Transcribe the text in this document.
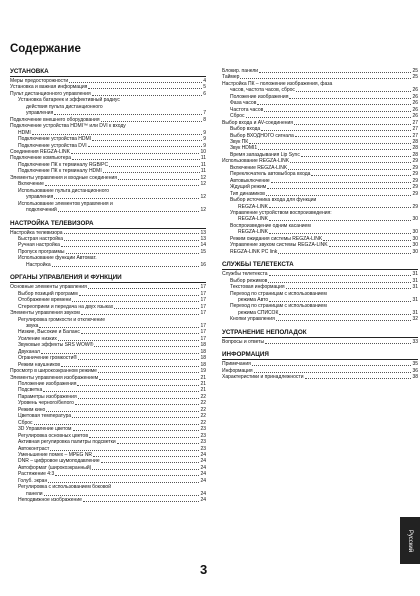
Содержание
УСТАНОВКА
Меры предосторожности	4
Установка и важная информация	5
Пульт дистанционного управления	6
Установка батареек и эффективный радиус
действия пульта дистанционного
управления	7
Подключение внешнего оборудования	8
Подключение устройства HDMI™ или DVI к входу
HDMI	9
Подключение устройства HDMI	9
Подключение устройства DVI	9
Соединения REGZA-LINK	10
Подключение компьютера	11
Подключение ПК к терминалу RGB/PC	11
Подключение ПК к терминалу HDMI	11
Элементы управления и входные соединения	12
Включение	12
Использование пульта дистанционного
управления	12
Использование элементов управления и
подключений	12
НАСТРОЙКА ТЕЛЕВИЗОРА
Настройка телевизора	13
Быстрая настройка	13
Ручная настройка	14
Пропуск программы	15
Использование функции Автомат.
Настройка	16
ОРГАНЫ УПРАВЛЕНИЯ И ФУНКЦИИ
Основные элементы управления	17
Выбор позиций программ	17
Отображение времени	17
Стереоприем и передача на двух языках	17
Элементы управления звуком	17
Регулировка громкости и отключение
звука	17
Низкие, Высокие и Баланс	17
Усиление низких	17
Звуковые эффекты SRS WOW®	18
Двуканал	18
Ограничение громкости®	18
Режим наушников	18
Просмотр в широкоэкранном режиме	19
Элементы управления изображением	21
Положение изображения	21
Подсветка	21
Параметры изображения	22
Уровень черного/белого	22
Режим кино	22
Цветовая температура	22
Сброс	22
3D Управление цветом	23
Регулировка основных цветов	23
Активная регулировка палитры подсветки	23
Автоконтраст	23
Уменьшение помех – MPEG NR	24
DNR – цифровое шумоподавление	24
Автоформат (широкоэкранный)	24
Растяжение 4:3	24
Голуб. экран	24
Регулировка с использованием боковой
панели	24
Неподвижное изображение	24
Блокир. панели	25
Таймер	25
Настройка ПК – положение изображения, фаза
часов, частота часов, сброс	26
Положение изображения	26
Фаза часов	26
Частота часов	26
Сброс	26
Выбор входа и AV-соединения	27
Выбор входа	27
Выбор ВХОДНОГО сигнала	27
Звук ПК	28
Звук HDMI1	28
Время запаздывания Lip Sync	28
Использование REGZA-LINK	29
Включение REGZA-LINK	29
Переключатель автовыбора входа	29
Автовыключение	29
Ждущий режим	29
Тип динамиков	29
Выбор источника входа для функции
REGZA-LINK	29
Управление устройством воспроизведения:
REGZA-LINK	30
Воспроизведение одним касанием
REGZA-LINK	30
Режим ожидания системы REGZA-LINK	30
Управление звуком системы REGZA-LINK	30
REGZA-LINK PC link	30
СЛУЖБЫ ТЕЛЕТЕКСТА
Службы телетекста	31
Выбор режимов	31
Текстовая информация	31
Переход по страницам с использованием
режима Авто	31
Переход по страницам с использованием
режима СПИСОК	31
Кнопки управления	32
УСТРАНЕНИЕ НЕПОЛАДОК
Вопросы и ответы	33
ИНФОРМАЦИЯ
Примечания	35
Информация	36
Характеристики и принадлежности	38
Русский
3
